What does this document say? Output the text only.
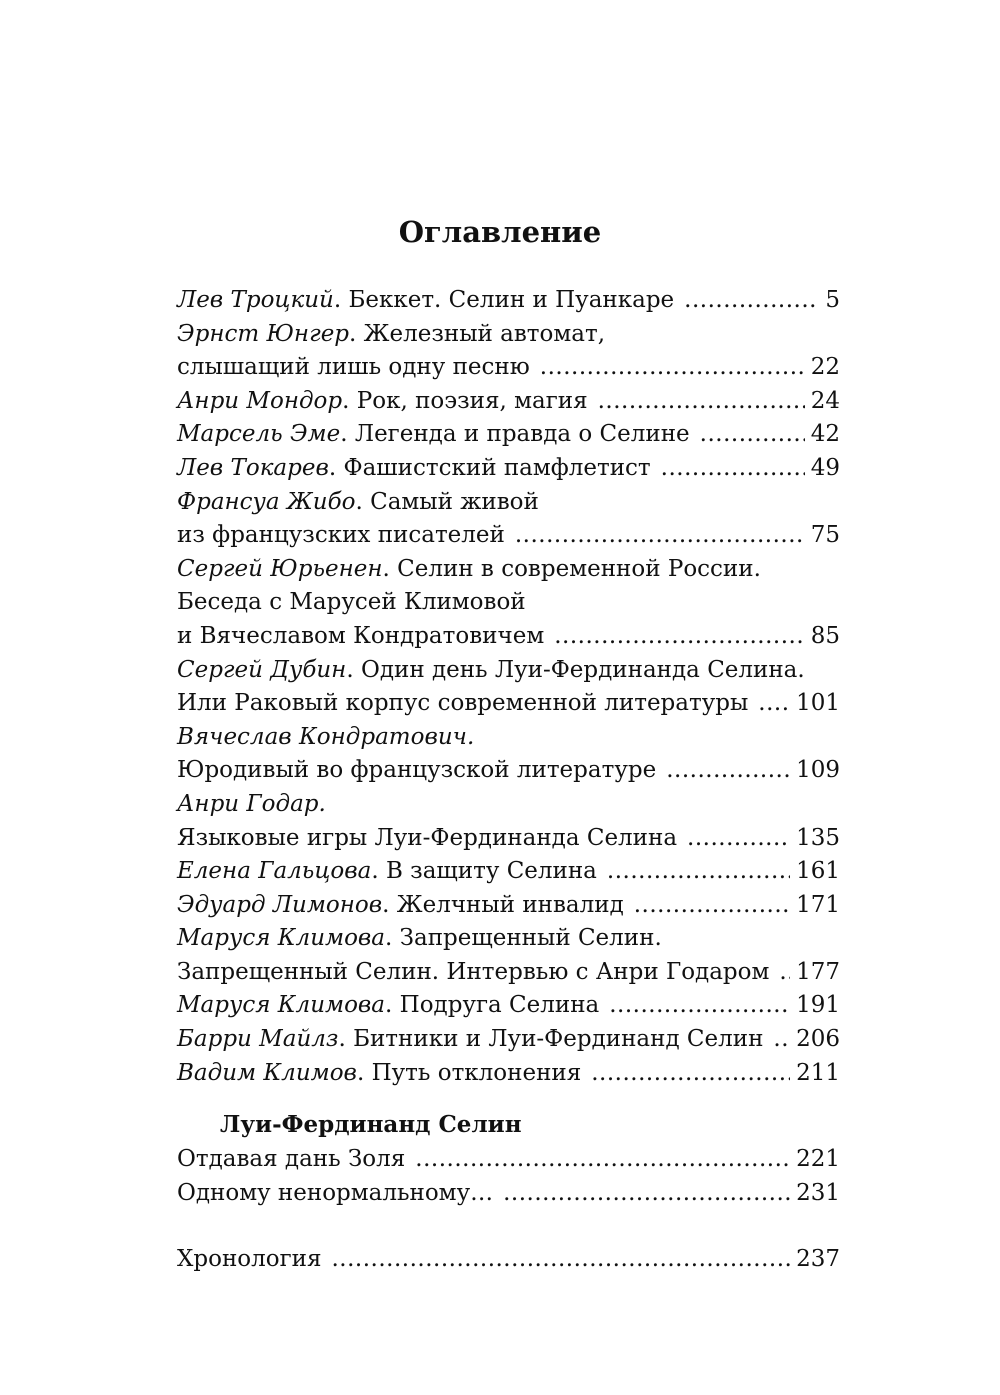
Оглавление
Лев Троцкий. Беккет. Селин и Пуанкаре .....	5
Эрнст Юнгер. Железный автомат,
слышащий лишь одну песню .....	22
Анри Мондор. Рок, поэзия, магия .....	24
Марсель Эме. Легенда и правда о Селине .....	42
Лев Токарев. Фашистский памфлетист .....	49
Франсуа Жибо. Самый живой
из французских писателей .....	75
Сергей Юрьенен. Селин в современной России.
Беседа с Марусей Климовой
и Вячеславом Кондратовичем .....	85
Сергей Дубин. Один день Луи-Фердинанда Селина.
Или Раковый корпус современной литературы ..... 101
Вячеслав Кондратович.
Юродивый во французской литературе .....	109
Анри Годар.
Языковые игры Луи-Фердинанда Селина .....	135
Елена Гальцова. В защиту Селина .....	161
Эдуард Лимонов. Желчный инвалид .....	171
Маруся Климова. Запрещенный Селин.
Запрещенный Селин. Интервью с Анри Годаром ..... 177
Маруся Климова. Подруга Селина .....	191
Барри Майлз. Битники и Луи-Фердинанд Селин ..... 206
Вадим Климов. Путь отклонения .....	211
Луи-Фердинанд Селин
Отдавая дань Золя .....	221
Одному ненормальному… .....	231
Хронология .....	237
